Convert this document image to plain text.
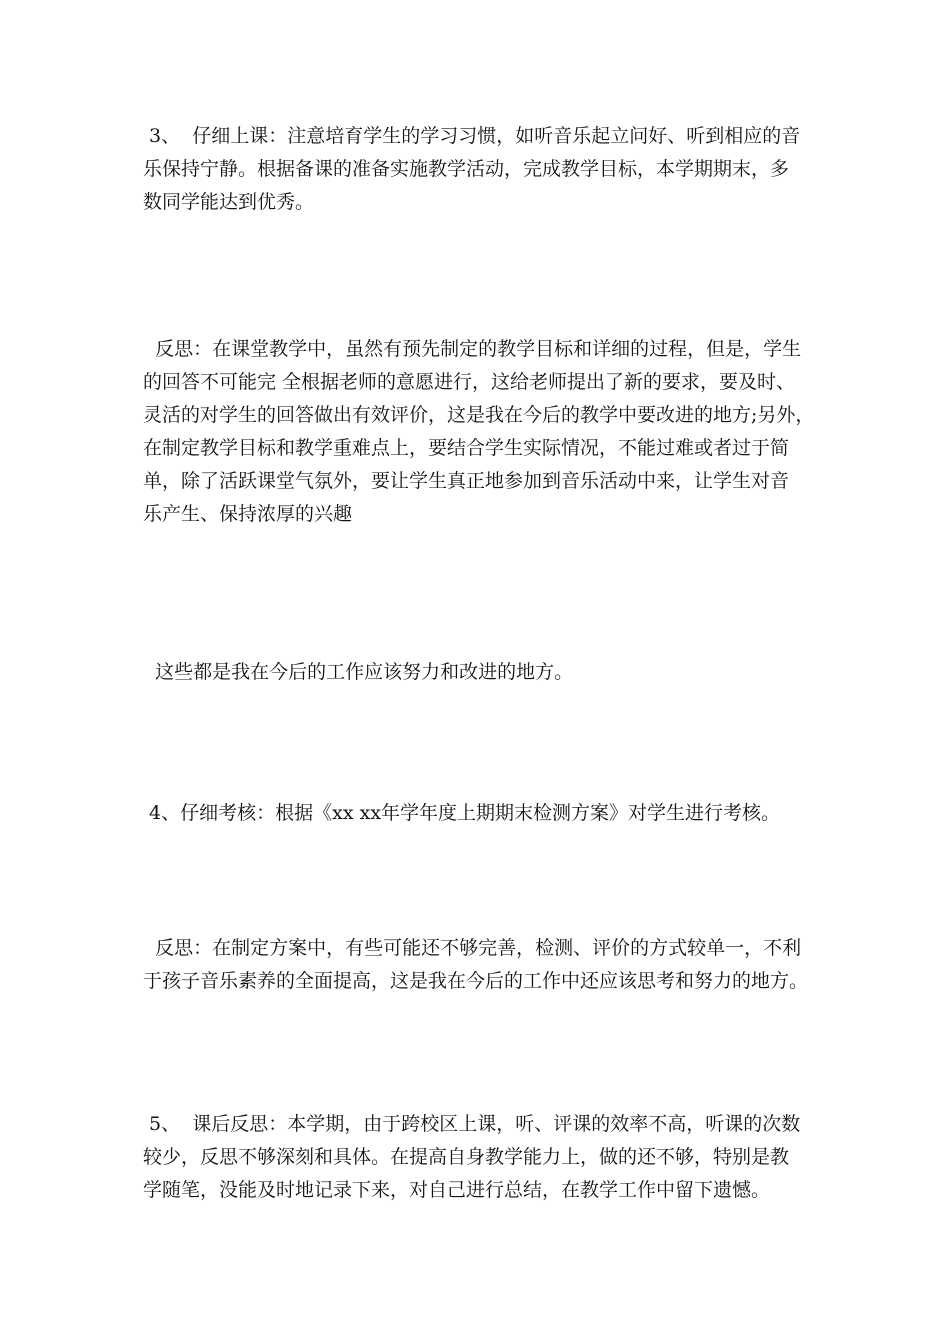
3、  仔细上课：注意培育学生的学习习惯，如听音乐起立问好、听到相应的音
乐保持宁静。根据备课的准备实施教学活动，完成教学目标，本学期期末，多
数同学能达到优秀。
反思：在课堂教学中，虽然有预先制定的教学目标和详细的过程，但是，学生
的回答不可能完 全根据老师的意愿进行，这给老师提出了新的要求，要及时、
灵活的对学生的回答做出有效评价，这是我在今后的教学中要改进的地方;另外，
在制定教学目标和教学重难点上，要结合学生实际情况，不能过难或者过于简
单，除了活跃课堂气氛外，要让学生真正地参加到音乐活动中来，让学生对音
乐产生、保持浓厚的兴趣
这些都是我在今后的工作应该努力和改进的地方。
4、仔细考核：根据《xx xx年学年度上期期末检测方案》对学生进行考核。
反思：在制定方案中，有些可能还不够完善，检测、评价的方式较单一，不利
于孩子音乐素养的全面提高，这是我在今后的工作中还应该思考和努力的地方。
5、  课后反思：本学期，由于跨校区上课，听、评课的效率不高，听课的次数
较少，反思不够深刻和具体。在提高自身教学能力上，做的还不够，特别是教
学随笔，没能及时地记录下来，对自己进行总结，在教学工作中留下遗憾。
